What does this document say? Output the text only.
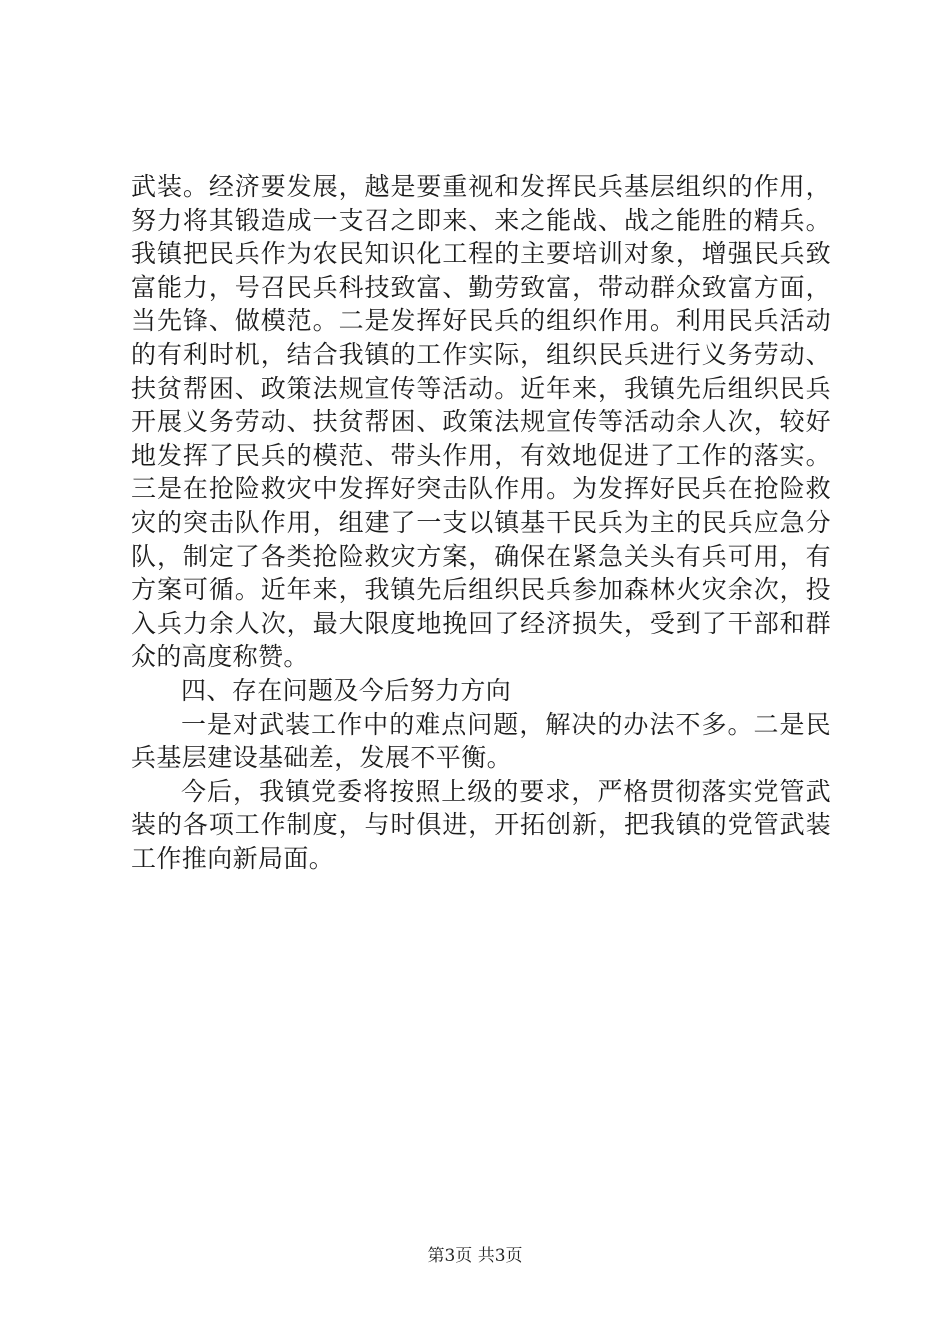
武装。经济要发展，越是要重视和发挥民兵基层组织的作用，
努力将其锻造成一支召之即来、来之能战、战之能胜的精兵。
我镇把民兵作为农民知识化工程的主要培训对象，增强民兵致
富能力，号召民兵科技致富、勤劳致富，带动群众致富方面，
当先锋、做模范。二是发挥好民兵的组织作用。利用民兵活动
的有利时机，结合我镇的工作实际，组织民兵进行义务劳动、
扶贫帮困、政策法规宣传等活动。近年来，我镇先后组织民兵
开展义务劳动、扶贫帮困、政策法规宣传等活动余人次，较好
地发挥了民兵的模范、带头作用，有效地促进了工作的落实。
三是在抢险救灾中发挥好突击队作用。为发挥好民兵在抢险救
灾的突击队作用，组建了一支以镇基干民兵为主的民兵应急分
队，制定了各类抢险救灾方案，确保在紧急关头有兵可用，有
方案可循。近年来，我镇先后组织民兵参加森林火灾余次，投
入兵力余人次，最大限度地挽回了经济损失，受到了干部和群
众的高度称赞。
四、存在问题及今后努力方向
一是对武装工作中的难点问题，解决的办法不多。二是民
兵基层建设基础差，发展不平衡。
今后，我镇党委将按照上级的要求，严格贯彻落实党管武
装的各项工作制度，与时俱进，开拓创新，把我镇的党管武装
工作推向新局面。
第3页 共3页
